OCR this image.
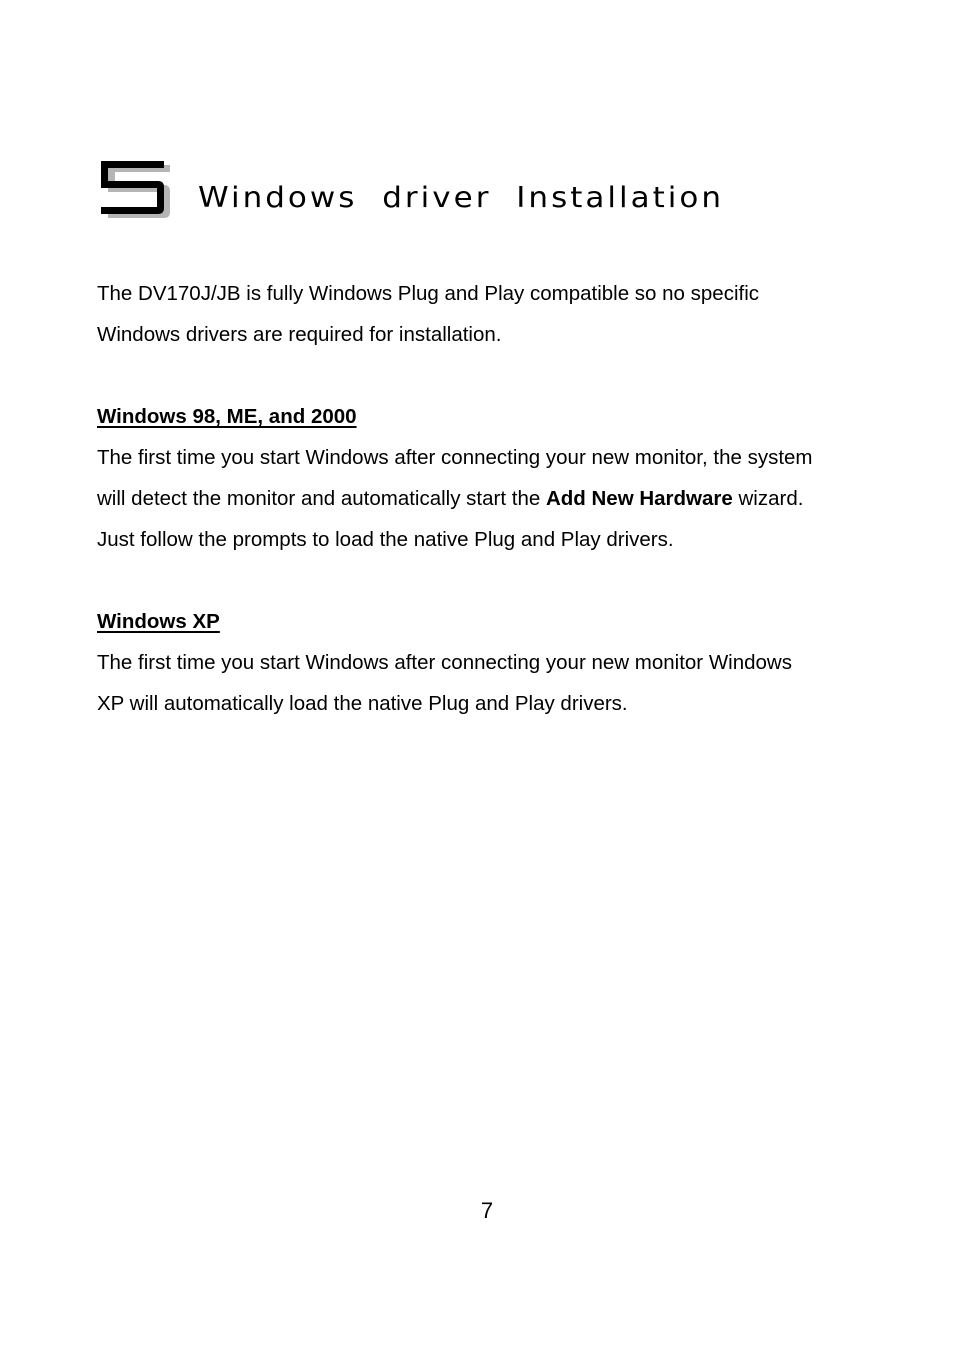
Windows driver Installation

The DV170J/JB is fully Windows Plug and Play compatible so no specific

Windows drivers are required for installation.

Windows 98, ME, and 2000

The first time you start Windows after connecting your new monitor, the system

will detect the monitor and automatically start the Add New Hardware wizard.

Just follow the prompts to load the native Plug and Play drivers.

Windows XP

The first time you start Windows after connecting your new monitor Windows

XP will automatically load the native Plug and Play drivers.

7
